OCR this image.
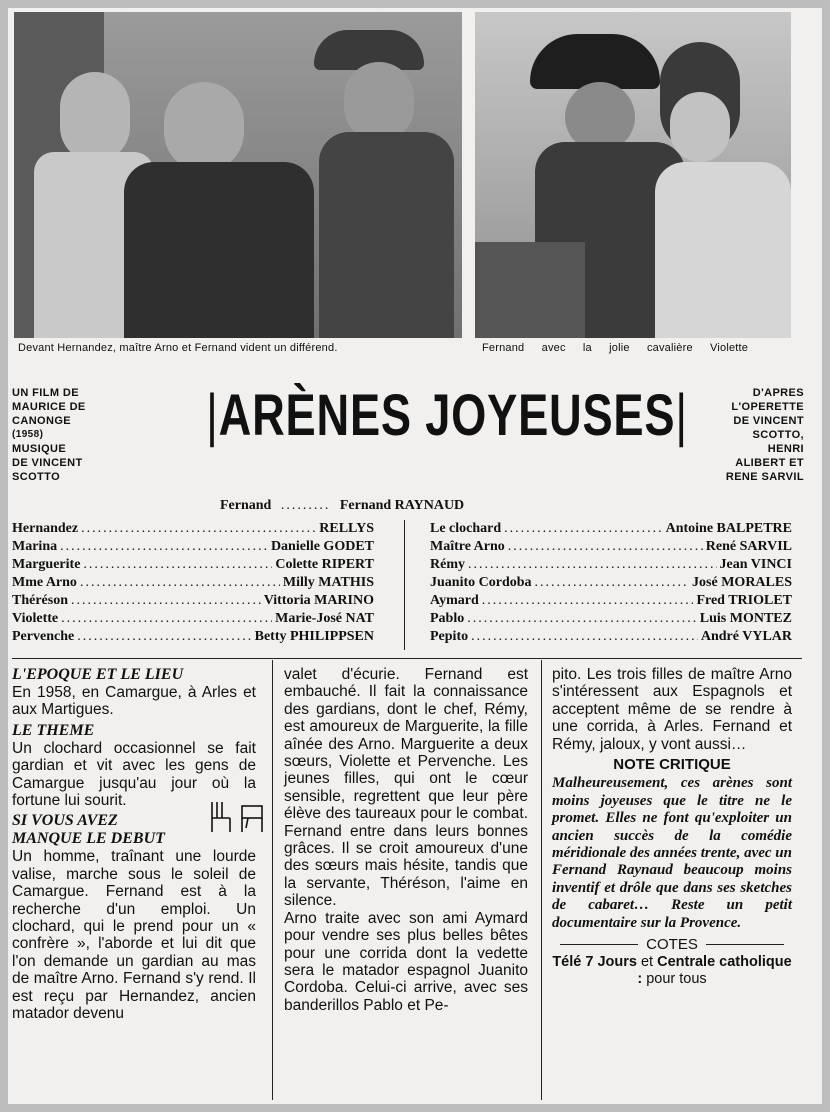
Devant Hernandez, maître Arno et Fernand vident un différend.	Fernand avec la jolie cavalière Violette
UN FILM DE
MAURICE DE
CANONGE
(1958)
MUSIQUE
DE VINCENT
SCOTTO
|ARÈNES JOYEUSES|	D'APRES
L'OPERETTE
DE VINCENT
SCOTTO,
HENRI
ALIBERT ET
RENE SARVIL
Fernand ......... Fernand RAYNAUD
Hernandez .....	RELLYS
Marina .....	Danielle GODET
Marguerite .....	Colette RIPERT
Mme Arno .....	Milly MATHIS
Théréson .....	Vittoria MARINO
Violette .....	Marie-José NAT
Pervenche .....	Betty PHILIPPSEN
Le clochard .....	Antoine BALPETRE
Maître Arno .....	René SARVIL
Rémy .....	Jean VINCI
Juanito Cordoba .....	José MORALES
Aymard .....	Fred TRIOLET
Pablo .....	Luis MONTEZ
Pepito .....	André VYLAR
L'EPOQUE ET LE LIEU

En 1958, en Camargue, à Arles et aux Martigues.

LE THEME

Un clochard occasionnel se fait gardian et vit avec les gens de Camargue jusqu'au jour où la fortune lui sourit.

SI VOUS AVEZ

MANQUE LE DEBUT

Un homme, traînant une lourde valise, marche sous le soleil de Camargue. Fernand est à la recherche d'un emploi. Un clochard, qui le prend pour un « confrère », l'aborde et lui dit que l'on demande un gardian au mas de maître Arno. Fernand s'y rend. Il est reçu par Hernandez, ancien matador devenu

valet d'écurie. Fernand est embauché. Il fait la connaissance des gardians, dont le chef, Rémy, est amoureux de Marguerite, la fille aînée des Arno. Marguerite a deux sœurs, Violette et Pervenche. Les jeunes filles, qui ont le cœur sensible, regrettent que leur père élève des taureaux pour le combat. Fernand entre dans leurs bonnes grâces. Il se croit amoureux d'une des sœurs mais hésite, tandis que la servante, Théréson, l'aime en silence.

Arno traite avec son ami Aymard pour vendre ses plus belles bêtes pour une corrida dont la vedette sera le matador espagnol Juanito Cordoba. Celui-ci arrive, avec ses banderillos Pablo et Pe-

pito. Les trois filles de maître Arno s'intéressent aux Espagnols et acceptent même de se rendre à une corrida, à Arles. Fernand et Rémy, jaloux, y vont aussi…

NOTE CRITIQUE

Malheureusement, ces arènes sont moins joyeuses que le titre ne le promet. Elles ne font qu'exploiter un ancien succès de la comédie méridionale des années trente, avec un Fernand Raynaud beaucoup moins inventif et drôle que dans ses sketches de cabaret… Reste un petit documentaire sur la Provence.

COTES
Télé 7 Jours et Centrale catholique : pour tous
